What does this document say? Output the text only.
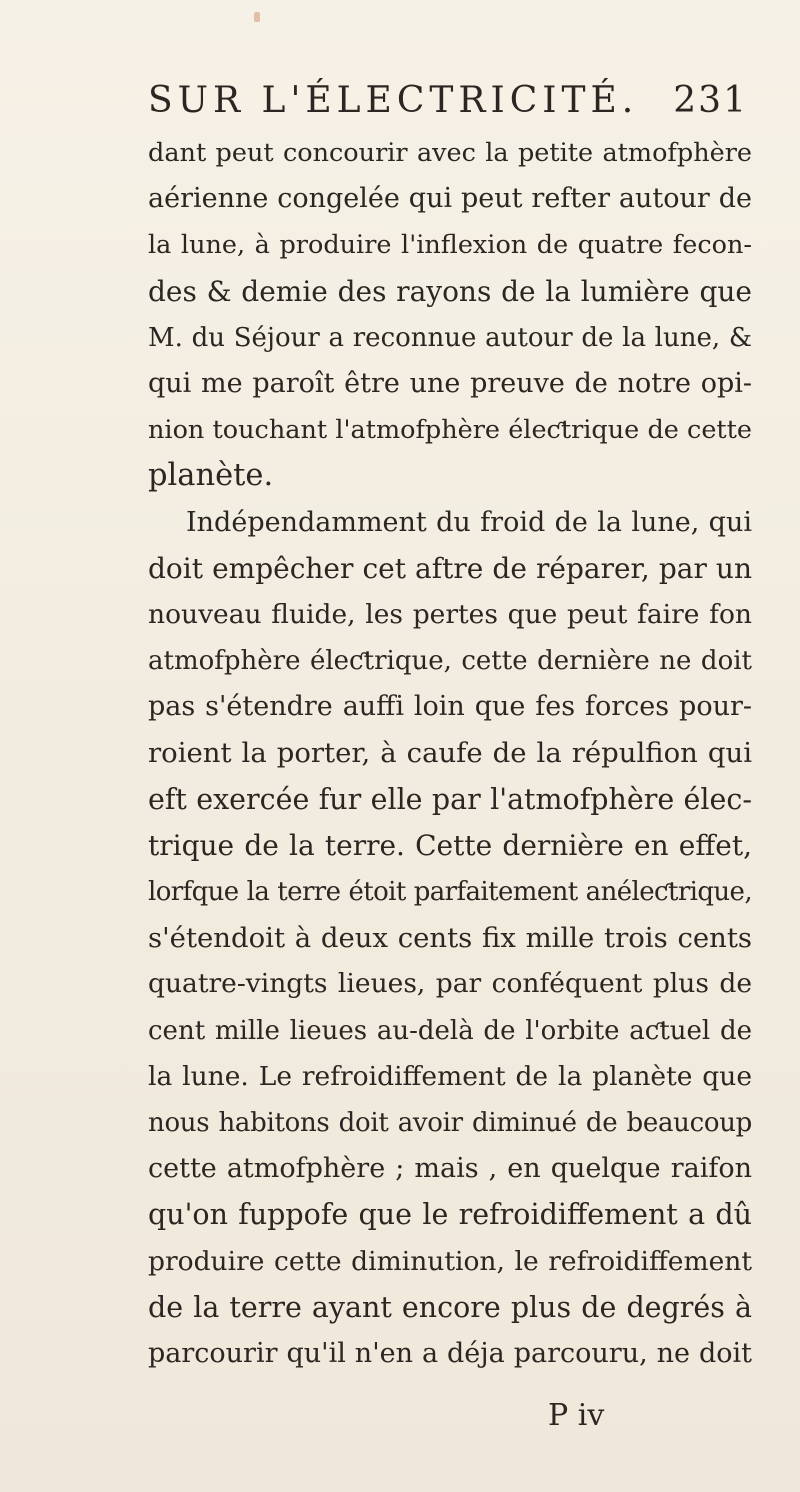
SUR L'ÉLECTRICITÉ. 231
dant peut concourir avec la petite atmofphère
aérienne congelée qui peut refter autour de
la lune, à produire l'inflexion de quatre fecon-
des & demie des rayons de la lumière que
M. du Séjour a reconnue autour de la lune, &
qui me paroît être une preuve de notre opi-
nion touchant l'atmofphère éleƈtrique de cette
planète.
Indépendamment du froid de la lune, qui
doit empêcher cet aftre de réparer, par un
nouveau fluide, les pertes que peut faire fon
atmofphère éleƈtrique, cette dernière ne doit
pas s'étendre auffi loin que fes forces pour-
roient la porter, à caufe de la répulfion qui
eft exercée fur elle par l'atmofphère élec-
trique de la terre. Cette dernière en effet,
lorfque la terre étoit parfaitement anéleƈtrique,
s'étendoit à deux cents fix mille trois cents
quatre-vingts lieues, par conféquent plus de
cent mille lieues au-delà de l'orbite aƈtuel de
la lune. Le refroidiffement de la planète que
nous habitons doit avoir diminué de beaucoup
cette atmofphère ; mais , en quelque raifon
qu'on fuppofe que le refroidiffement a dû
produire cette diminution, le refroidiffement
de la terre ayant encore plus de degrés à
parcourir qu'il n'en a déja parcouru, ne doit
P iv
